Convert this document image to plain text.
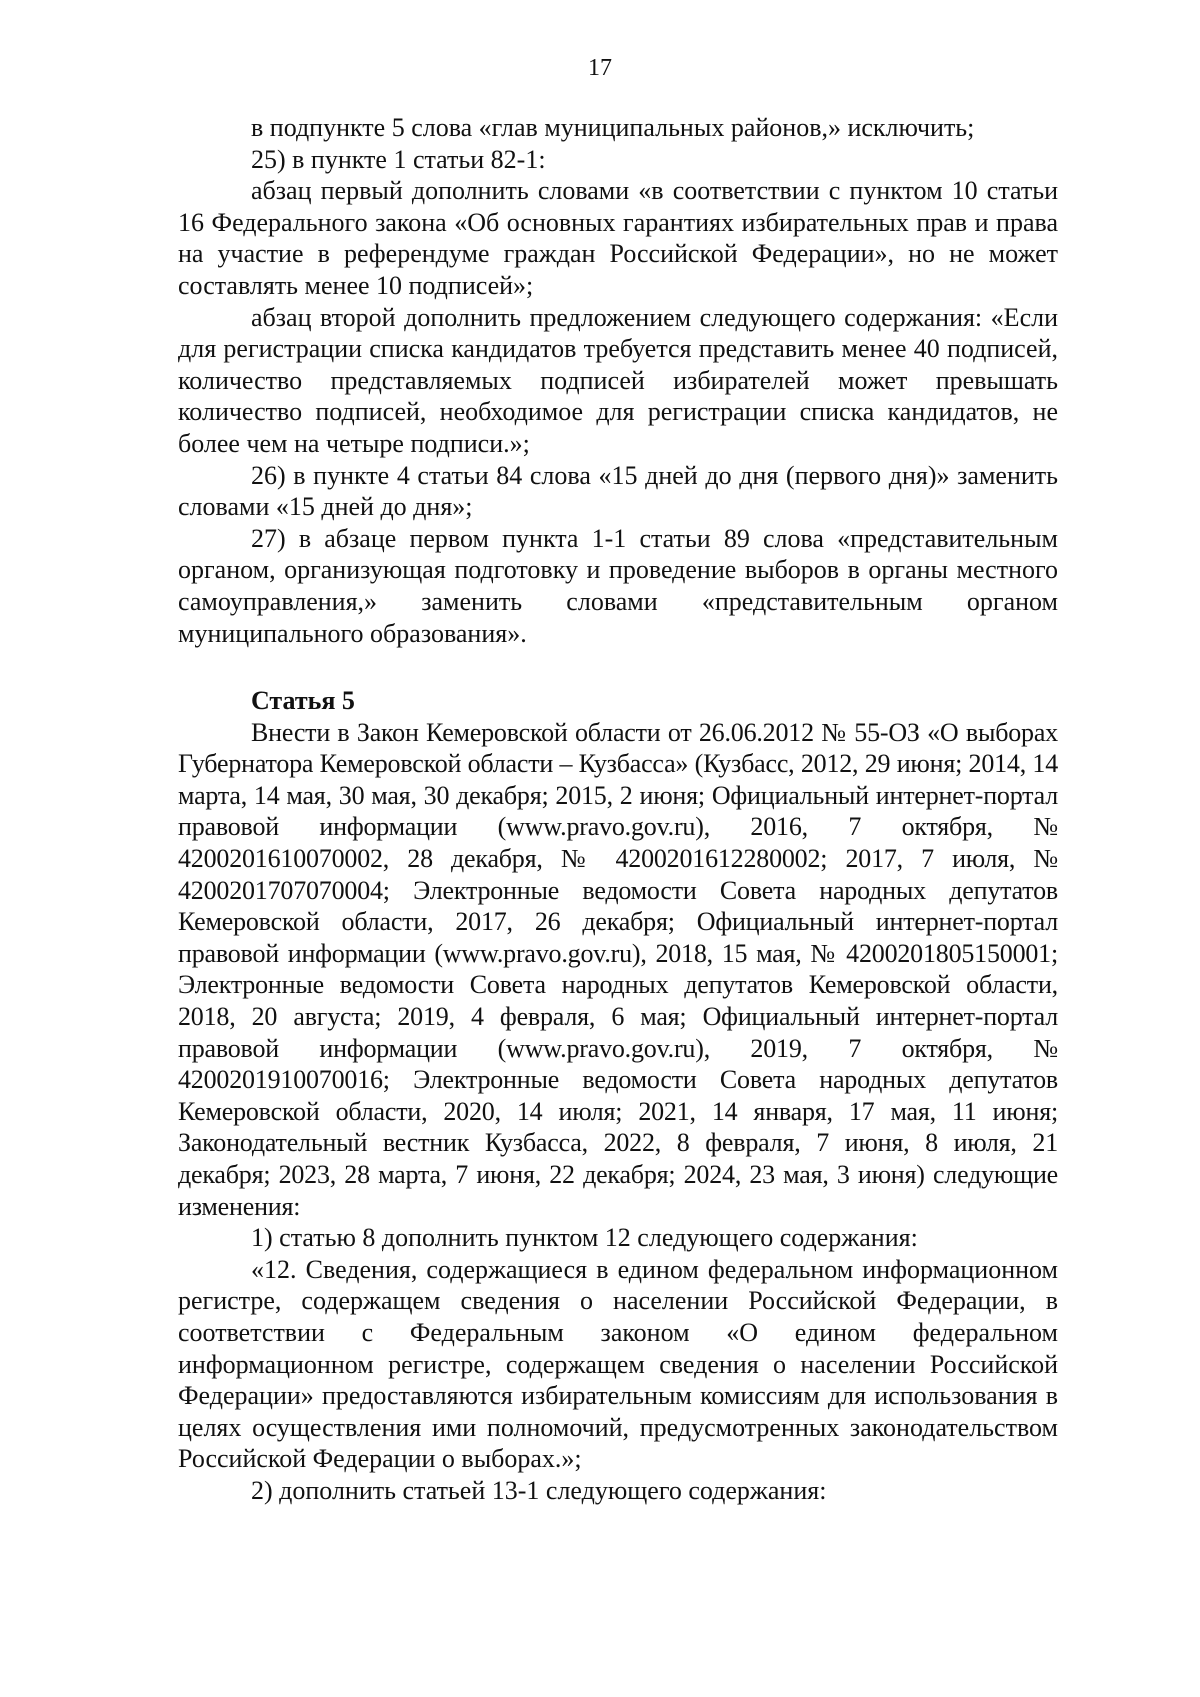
17

в подпункте 5 слова «глав муниципальных районов,» исключить;

25) в пункте 1 статьи 82-1:

абзац первый дополнить словами «в соответствии с пунктом 10 статьи 16 Федерального закона «Об основных гарантиях избирательных прав и права на участие в референдуме граждан Российской Федерации», но не может составлять менее 10 подписей»;

абзац второй дополнить предложением следующего содержания: «Если для регистрации списка кандидатов требуется представить менее 40 подписей, количество представляемых подписей избирателей может превышать количество подписей, необходимое для регистрации списка кандидатов, не более чем на четыре подписи.»;

26) в пункте 4 статьи 84 слова «15 дней до дня (первого дня)» заменить словами «15 дней до дня»;

27) в абзаце первом пункта 1-1 статьи 89 слова «представительным органом, организующая подготовку и проведение выборов в органы местного самоуправления,» заменить словами «представительным органом муниципального образования».

Статья 5

Внести в Закон Кемеровской области от 26.06.2012 № 55-ОЗ «О выборах Губернатора Кемеровской области – Кузбасса» (Кузбасс, 2012, 29 июня; 2014, 14 марта, 14 мая, 30 мая, 30 декабря; 2015, 2 июня; Официальный интернет-портал правовой информации (www.pravo.gov.ru), 2016, 7 октября, № 4200201610070002, 28 декабря, № 4200201612280002; 2017, 7 июля, № 4200201707070004; Электронные ведомости Совета народных депутатов Кемеровской области, 2017, 26 декабря; Официальный интернет-портал правовой информации (www.pravo.gov.ru), 2018, 15 мая, № 4200201805150001; Электронные ведомости Совета народных депутатов Кемеровской области, 2018, 20 августа; 2019, 4 февраля, 6 мая; Официальный интернет-портал правовой информации (www.pravo.gov.ru), 2019, 7 октября, № 4200201910070016; Электронные ведомости Совета народных депутатов Кемеровской области, 2020, 14 июля; 2021, 14 января, 17 мая, 11 июня; Законодательный вестник Кузбасса, 2022, 8 февраля, 7 июня, 8 июля, 21 декабря; 2023, 28 марта, 7 июня, 22 декабря; 2024, 23 мая, 3 июня) следующие изменения:

1) статью 8 дополнить пунктом 12 следующего содержания:

«12. Сведения, содержащиеся в едином федеральном информационном регистре, содержащем сведения о населении Российской Федерации, в соответствии с Федеральным законом «О едином федеральном информационном регистре, содержащем сведения о населении Российской Федерации» предоставляются избирательным комиссиям для использования в целях осуществления ими полномочий, предусмотренных законодательством Российской Федерации о выборах.»;

2) дополнить статьей 13-1 следующего содержания:
